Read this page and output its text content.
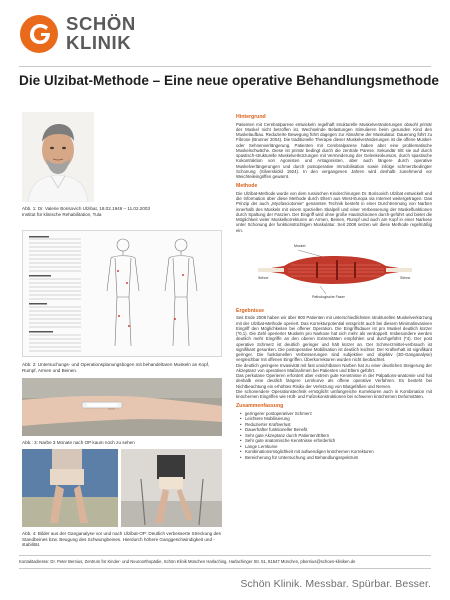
SCHÖN
KLINIK
Die Ulzibat-Methode – Eine neue operative Behandlungsmethode
Abb. 1: Dr. Valerie Borisovich Ulzibat, 18.02.1946 – 11.02.2003
Institut für klinische Rehabilitation, Tula
Abb. 2: Untersuchungs- und Operationsplanungsbogen mit behandeltaren Muskeln an Kopf, Rumpf, Armen und Beinen.
Abb.: 3: Narbe 3 Monate nach OP kaum noch zu sehen
Abb. 4: Bilder aus der Ganganalyse vor und nach Ulzibat-OP: Deutlich verbesserte Streckung des Standbeines bzw. Beugung des Schwungbeines. Hierdurch höhere Ganggeschwindigkeit und -stabilität.
Hintergrund

Patienten mit Cerebralparese entwickeln regelhaft strukturelle Muskelveränderungen obwohl primär der Muskel nicht betroffen ist. Wechselnde Belastungen stimulieren beim gesunden Kind den Muskelaufbau. Reduzierte Bewegung führt dagegen zur Abnahme der Muskulatur. Dauerung führt zu Fibrose (Brunner 2004). Die traditionelle Therapie dieser Muskelveränderungen ist die offene Muskel- oder Sehnenverlängerung. Patienten mit Cerebralparese haben aber eine problematische Muskelschwäche. Diese ist primär bedingt durch die zentrale Parese. Sekundär tritt sie auf durch spastisch-strukturelle Muskelverkürzungen mit Verminderung der Gelenkexkursion, durch spastische Kokontraktion von Agonisten und Antagonisten, aber auch längere durch operative Muskelverlängerungen und durch postoperative Immobilisation sowie infolge schmerzbedingter Schonung (Silverskiöld 1924). In den vergangenen Jahren wird deshalb zunehmend vor Weichteileingriffen gewarnt.

Methode

Die Ulzibat-Methode wurde von dem russischen Kinderchirurgen Dr. Borisovich Ulzibat entwickelt und die Information über diese Methode durch Eltern aus West-Europa via Internet weitergetragen. Das Prinzip der auch „Myofasciotomie" genannten Technik besteht in einer Durchtrennung von Narben innerhalb des Muskels mit einem speziellen Skalpell und einer Verbesserung der Muskelfunktionen durch Spaltung der Faszien. Der Eingriff wird ohne große Hautinzisionen durch-geführt und bietet die Möglichkeit vieler Muskelkorrekturen an Armen, Beinen, Rumpf und auch am Kopf in einer Narkose unter Schonung der funktionstüchtigen Muskulatur. Seit 2008 setzen wir diese Methode regelmäßig ein.

Muskel
Sehne	Sehne
Pathologische Faser
Ergebnisse

Seit Ende 2008 haben wir über 800 Patienten mit unterschiedlichsten strukturellen Muskelverkürzung mit der Ulzibat-Methode operiert. Das Korrekturpotential entspricht auch bei diesem Minimalinvasiven Eingriff den Möglichkeiten bei offener Operation. Die Eingriffsdauer ist pro Muskel deutlich kürzer (*0,1). Die Zahl operierter Muskeln pro Narkose hat sich mehr als verdoppelt. Insbesondere werden deutlich mehr Eingriffe an den oberen Extremitäten empfohlen und durchgeführt (*4). Der post operative Schmerz ist deutlich geringer und hält kürzer an. Der Schmerzmittel-verbrauch ist signifikant gesunken. Die postoperative Mobilisation ist deutlich leichter. Der Krafterhalt ist signifikant geringer. Die funktionellen Verbesserungen sind subjektive und objektiv (3D-Ganganalyse) vergleichbar mit offenen Eingriffen. Überkorrekturen wurden nicht beobachtet.

Die deutlich geringere Invasivität mit fast unsichtbaren Narben hat zu einer deutlichen Steigerung der Akzeptanz von operativen Maßnahmen bei Patienten und Eltern geführt.

Das perkutane Operieren erfordert aber extrem gute Kenntnisse in der Palpations-anatomie und hat deshalb eine deutlich längere Lernkurve als offene operative Verfahren. Es besteht bei Nichtbeachtung ein erhöhtes Risiko der Verletzung von Blutgefäßen und Nerven.

Die schonendere Operationstechnik ermöglicht umfangreiche Korrekturen auch in Kombination mit knöchernen Eingriffen wie Hüft- und Fußrekonstruktionen bei schweren knöchernen Deformitäten.

Zusammenfassung
• geringerer postoperativer Schmerz
• Leichtere Mobilisierung
• Reduzierter Kraftverlust
• Dauerhafter funktioneller Benefit
• Sehr gute Akzeptanz durch Patienten/Eltern
• Sehr gute anatomische Kenntnisse erforderlich
• Lange Lernkurve
• Kombinationsmöglichkeit mit aufwendigen knöchernen Korrekturen
• Bereicherung für Untersuchung und Behandlungsspektrum
Kontaktadresse: Dr. Peter Bernius, Zentrum für Kinder- und Neuroorthopädie, Schön Klinik München Harlaching, Harlachinger Str. 51, 81547 München, pbernius@schoen-kliniken.de
Schön Klinik. Messbar. Spürbar. Besser.
